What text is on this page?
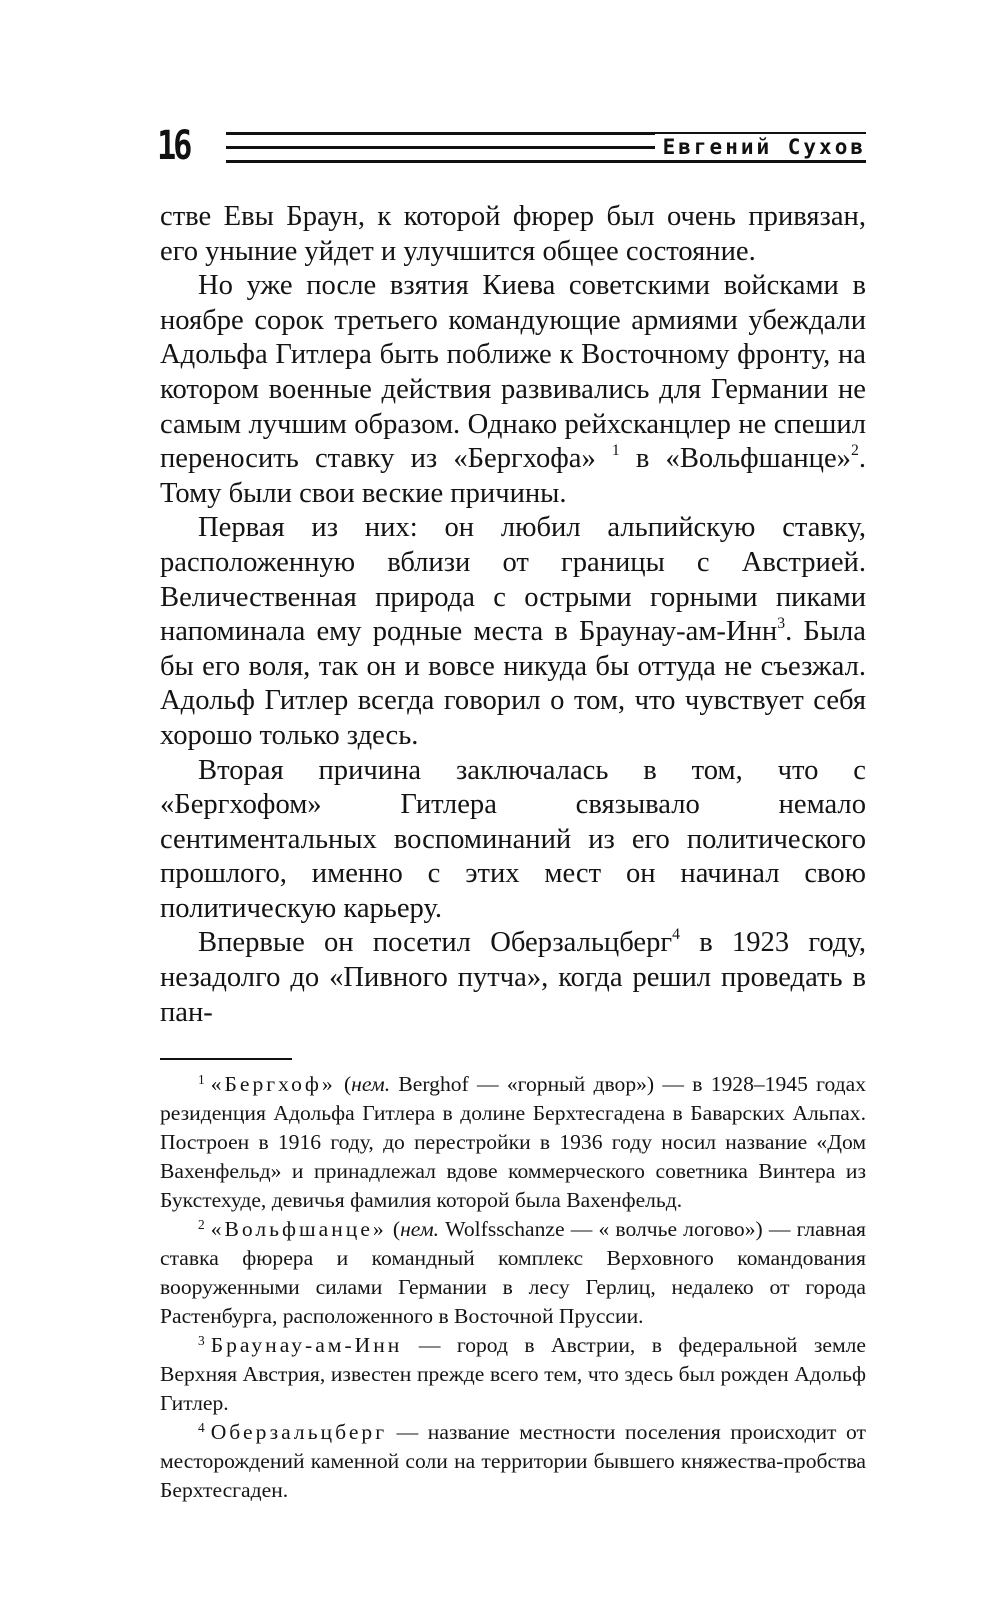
16	Евгений Сухов

стве Евы Браун, к которой фюрер был очень привязан, его уныние уйдет и улучшится общее состояние.

Но уже после взятия Киева советскими войсками в ноябре сорок третьего командующие армиями убеждали Адольфа Гитлера быть поближе к Восточному фронту, на котором военные действия развивались для Германии не самым лучшим образом. Однако рейхсканцлер не спешил переносить ставку из «Бергхофа» $^1$ в «Вольфшанце»$^2$. Тому были свои веские причины.

Первая из них: он любил альпийскую ставку, расположенную вблизи от границы с Австрией. Величественная природа с острыми горными пиками напоминала ему родные места в Браунау-ам-Инн$^3$. Была бы его воля, так он и вовсе никуда бы оттуда не съезжал. Адольф Гитлер всегда говорил о том, что чувствует себя хорошо только здесь.

Вторая причина заключалась в том, что с «Бергхофом» Гитлера связывало немало сентиментальных воспоминаний из его политического прошлого, именно с этих мест он начинал свою политическую карьеру.

Впервые он посетил Оберзальцберг$^4$ в 1923 году, незадолго до «Пивного путча», когда решил проведать в пан-

$^1$ «Бергхоф» (нем. Berghof — «горный двор») — в 1928–1945 годах резиденция Адольфа Гитлера в долине Берхтесгадена в Баварских Альпах. Построен в 1916 году, до перестройки в 1936 году носил название «Дом Вахенфельд» и принадлежал вдове коммерческого советника Винтера из Букстехуде, девичья фамилия которой была Вахенфельд.

$^2$ «Вольфшанце» (нем. Wolfsschanze — « волчье логово») — главная ставка фюрера и командный комплекс Верховного командования вооруженными силами Германии в лесу Герлиц, недалеко от города Растенбурга, расположенного в Восточной Пруссии.

$^3$ Браунау-ам-Инн — город в Австрии, в федеральной земле Верхняя Австрия, известен прежде всего тем, что здесь был рожден Адольф Гитлер.

$^4$ Оберзальцберг — название местности поселения происходит от месторождений каменной соли на территории бывшего княжества-пробства Берхтесгаден.
